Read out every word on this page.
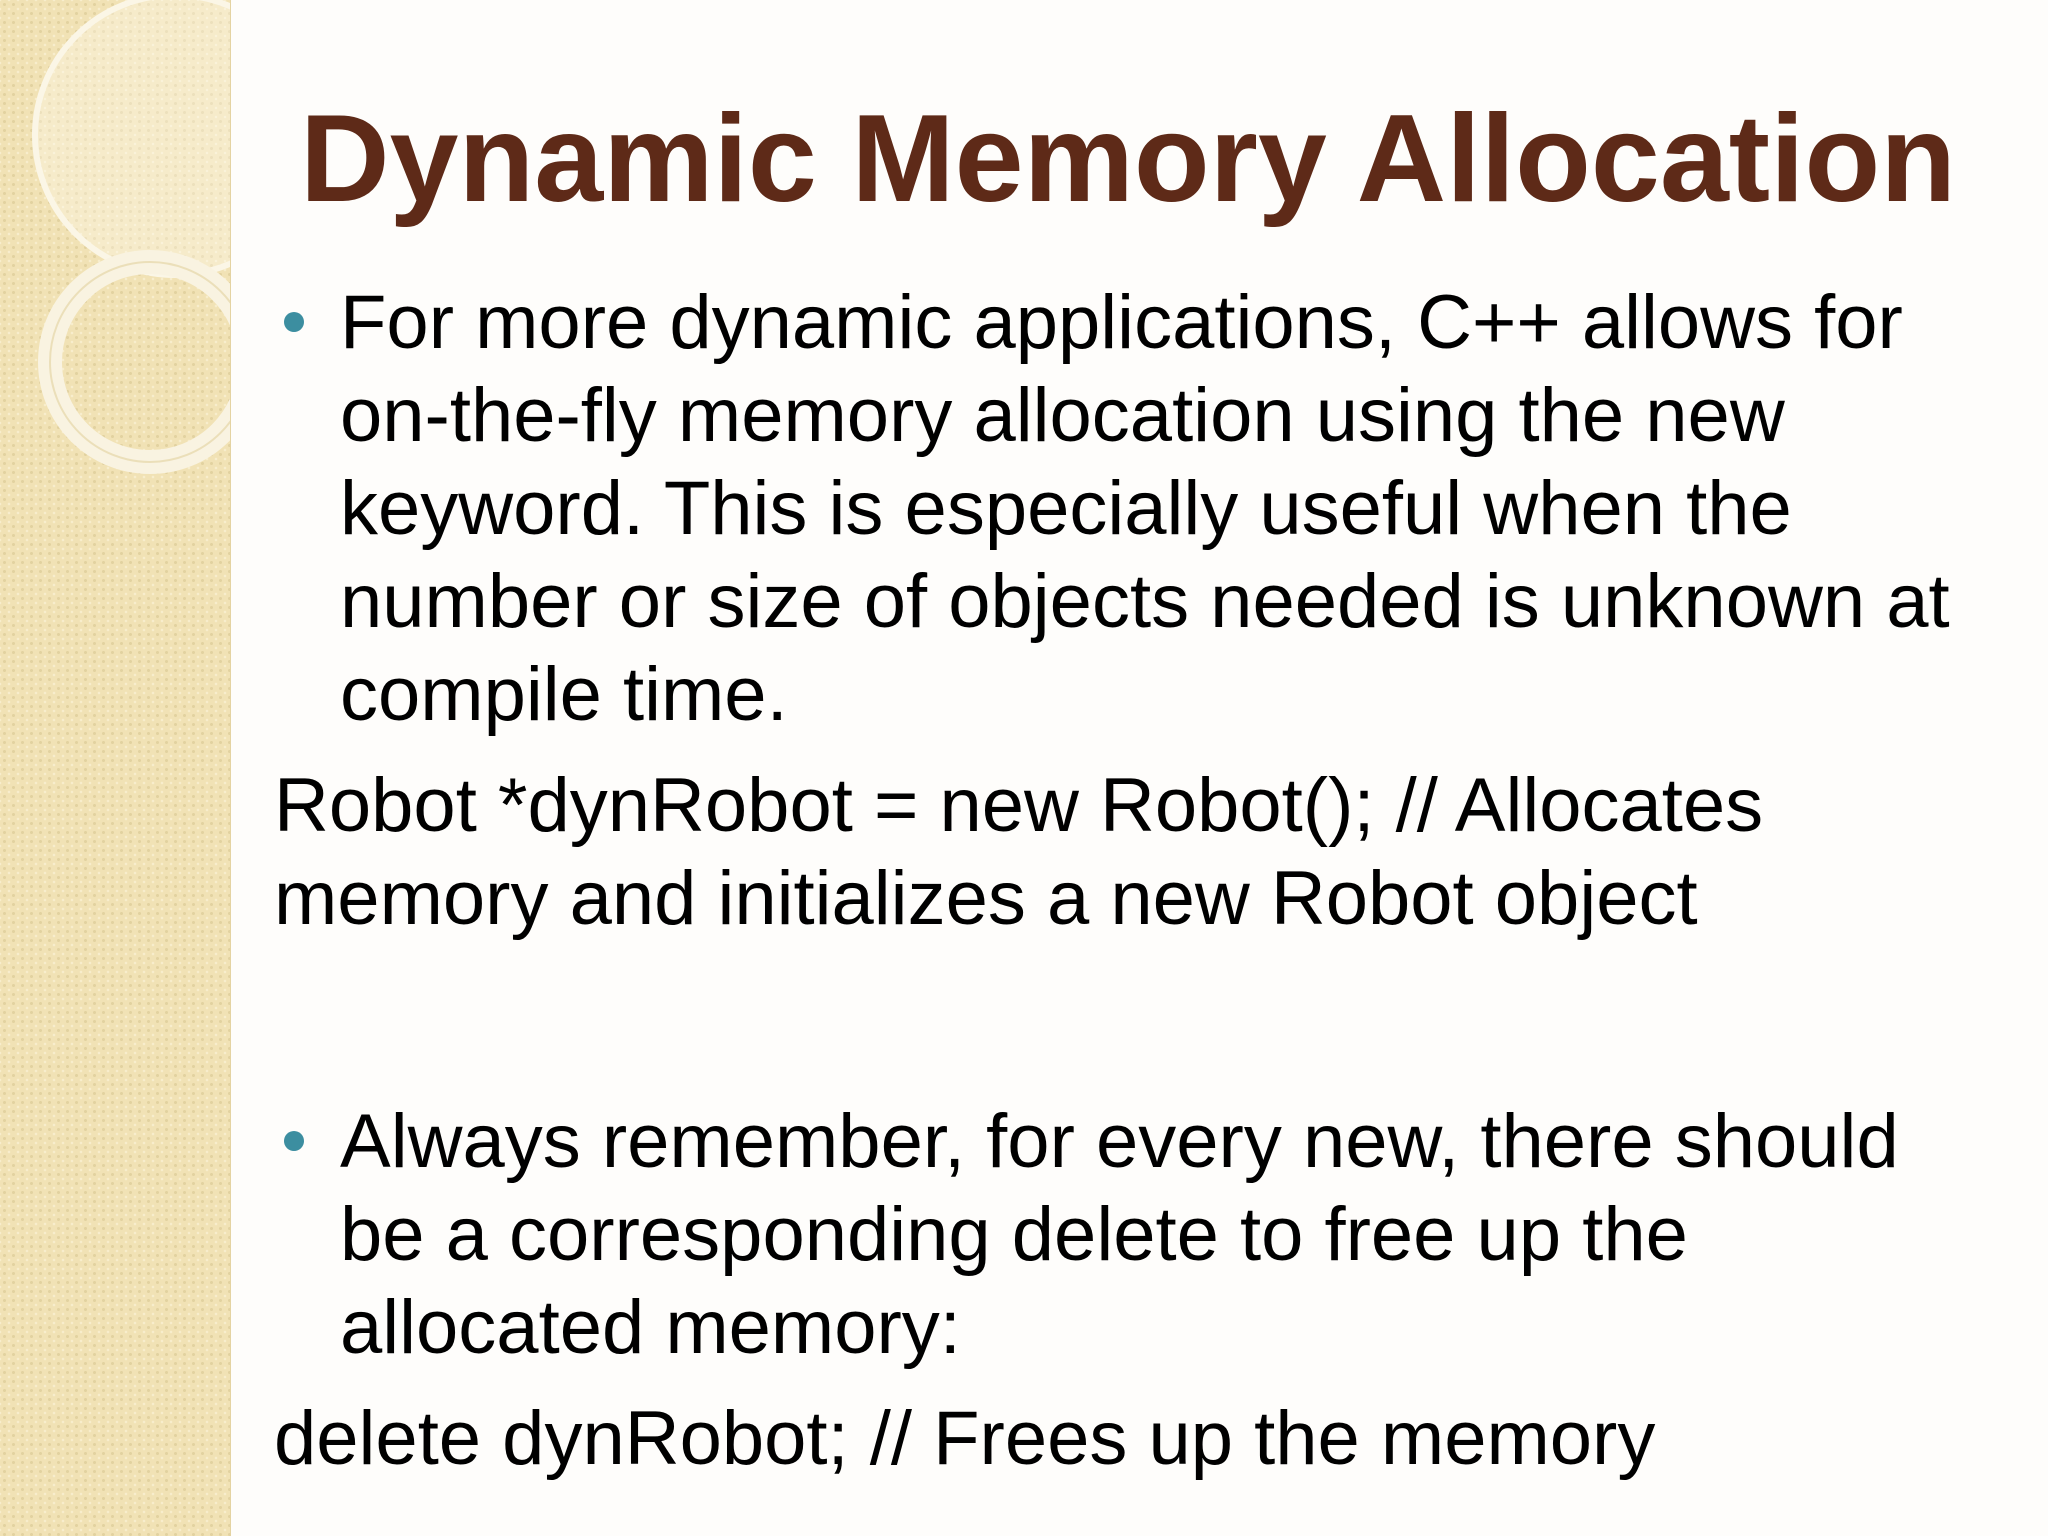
Dynamic Memory Allocation
For more dynamic applications, C++ allows for on-the-fly memory allocation using the new keyword. This is especially useful when the number or size of objects needed is unknown at compile time.
Robot *dynRobot = new Robot(); // Allocates memory and initializes a new Robot object
Always remember, for every new, there should be a corresponding delete to free up the allocated memory:
delete dynRobot; // Frees up the memory
